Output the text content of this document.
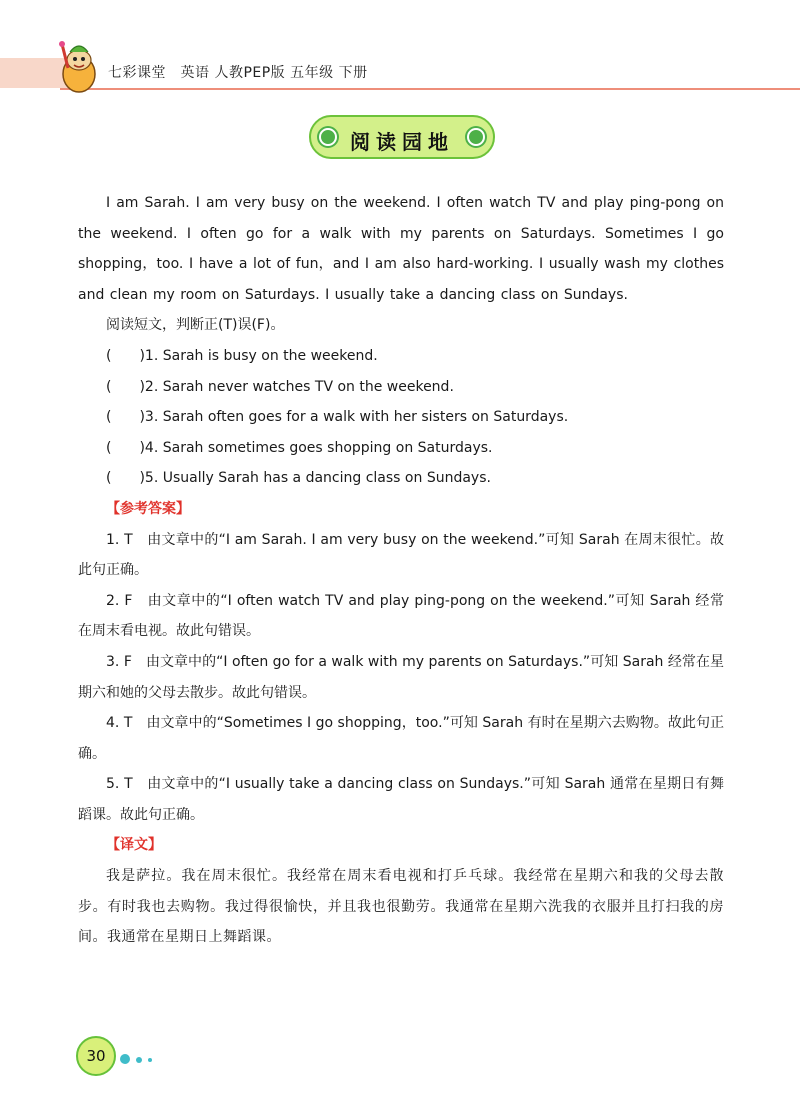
七彩课堂　英语 人教PEP版 五年级 下册
阅读园地

I am Sarah. I am very busy on the weekend. I often watch TV and play ping-pong on the weekend. I often go for a walk with my parents on Saturdays. Sometimes I go shopping，too. I have a lot of fun，and I am also hard-working. I usually wash my clothes and clean my room on Saturdays. I usually take a dancing class on Sundays.

阅读短文，判断正(T)误(F)。

(　　)1. Sarah is busy on the weekend.

(　　)2. Sarah never watches TV on the weekend.

(　　)3. Sarah often goes for a walk with her sisters on Saturdays.

(　　)4. Sarah sometimes goes shopping on Saturdays.

(　　)5. Usually Sarah has a dancing class on Sundays.

【参考答案】

1. T　由文章中的“I am Sarah. I am very busy on the weekend.”可知 Sarah 在周末很忙。故此句正确。

2. F　由文章中的“I often watch TV and play ping-pong on the weekend.”可知 Sarah 经常在周末看电视。故此句错误。

3. F　由文章中的“I often go for a walk with my parents on Saturdays.”可知 Sarah 经常在星期六和她的父母去散步。故此句错误。

4. T　由文章中的“Sometimes I go shopping，too.”可知 Sarah 有时在星期六去购物。故此句正确。

5. T　由文章中的“I usually take a dancing class on Sundays.”可知 Sarah 通常在星期日有舞蹈课。故此句正确。

【译文】

我是萨拉。我在周末很忙。我经常在周末看电视和打乒乓球。我经常在星期六和我的父母去散步。有时我也去购物。我过得很愉快，并且我也很勤劳。我通常在星期六洗我的衣服并且打扫我的房间。我通常在星期日上舞蹈课。

30
